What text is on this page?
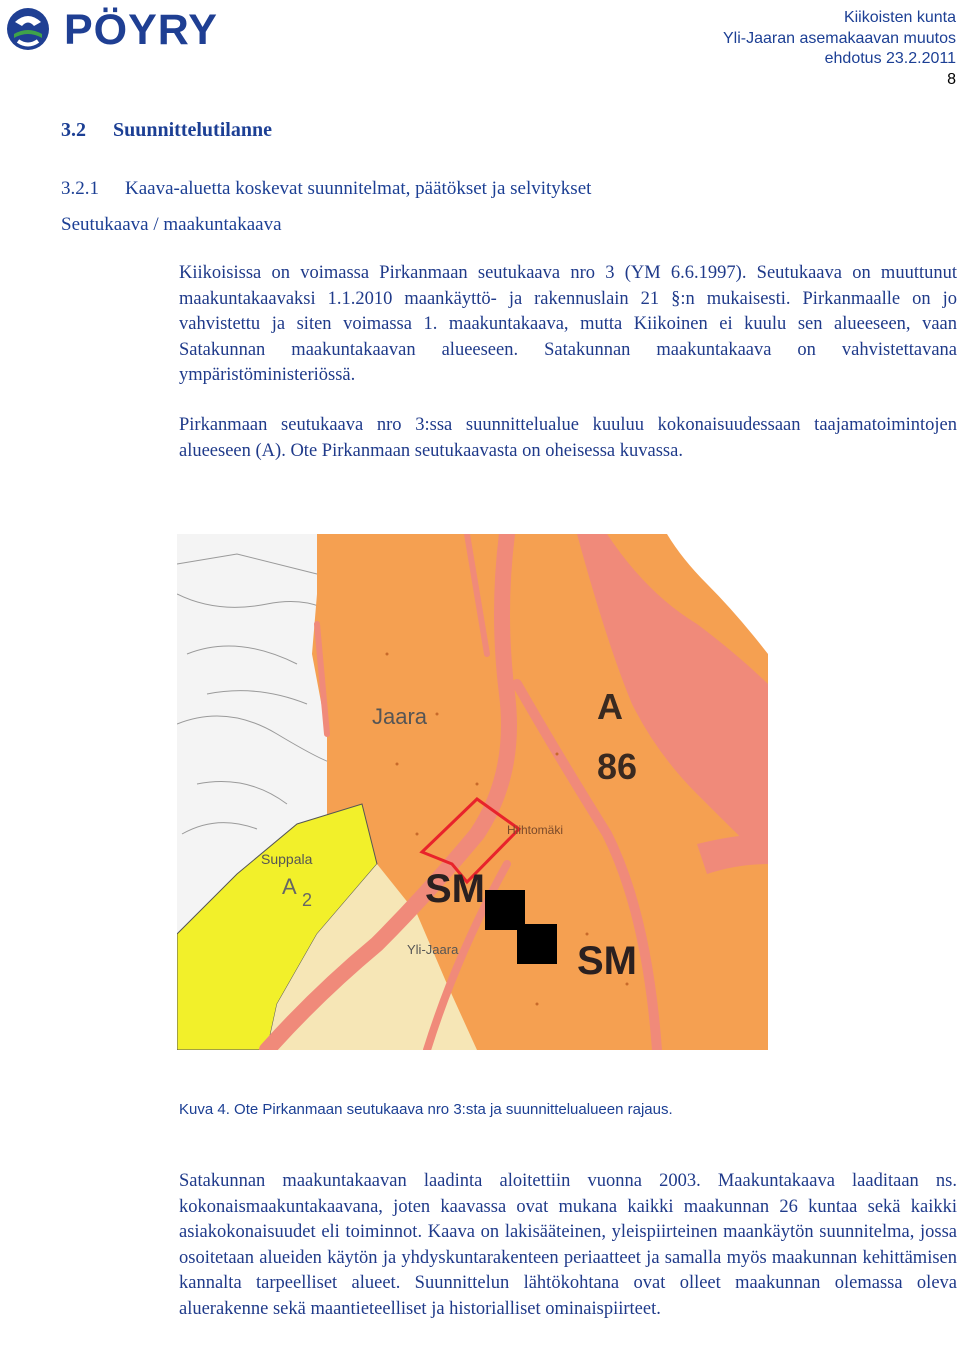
PÖYRY	Kiikoisten kunta
Yli-Jaaran asemakaavan muutos
ehdotus 23.2.2011
8
3.2 Suunnittelutilanne
3.2.1 Kaava-aluetta koskevat suunnitelmat, päätökset ja selvitykset
Seutukaava / maakuntakaava

Kiikoisissa on voimassa Pirkanmaan seutukaava nro 3 (YM 6.6.1997). Seutukaava on muuttunut maakuntakaavaksi 1.1.2010 maankäyttö- ja rakennuslain 21 §:n mukaisesti. Pirkanmaalle on jo vahvistettu ja siten voimassa 1. maakuntakaava, mutta Kiikoinen ei kuulu sen alueeseen, vaan Satakunnan maakuntakaavan alueeseen. Satakunnan maakuntakaava on vahvistettavana ympäristöministeriössä.

Pirkanmaan seutukaava nro 3:ssa suunnittelualue kuuluu kokonaisuudessaan taajamatoimintojen alueeseen (A). Ote Pirkanmaan seutukaavasta on oheisessa kuvassa.

A
86
SM
SM
Jaara
Yli-Jaara
Suppala
Hiihtomäki
A
2
Kuva 4. Ote Pirkanmaan seutukaava nro 3:sta ja suunnittelualueen rajaus.

Satakunnan maakuntakaavan laadinta aloitettiin vuonna 2003. Maakuntakaava laaditaan ns. kokonaismaakuntakaavana, joten kaavassa ovat mukana kaikki maakunnan 26 kuntaa sekä kaikki asiakokonaisuudet eli toiminnot. Kaava on lakisääteinen, yleispiirteinen maankäytön suunnitelma, jossa osoitetaan alueiden käytön ja yhdyskuntarakenteen periaatteet ja samalla myös maakunnan kehittämisen kannalta tarpeelliset alueet. Suunnittelun lähtökohtana ovat olleet maakunnan olemassa oleva aluerakenne sekä maantieteelliset ja historialliset ominaispiirteet.
